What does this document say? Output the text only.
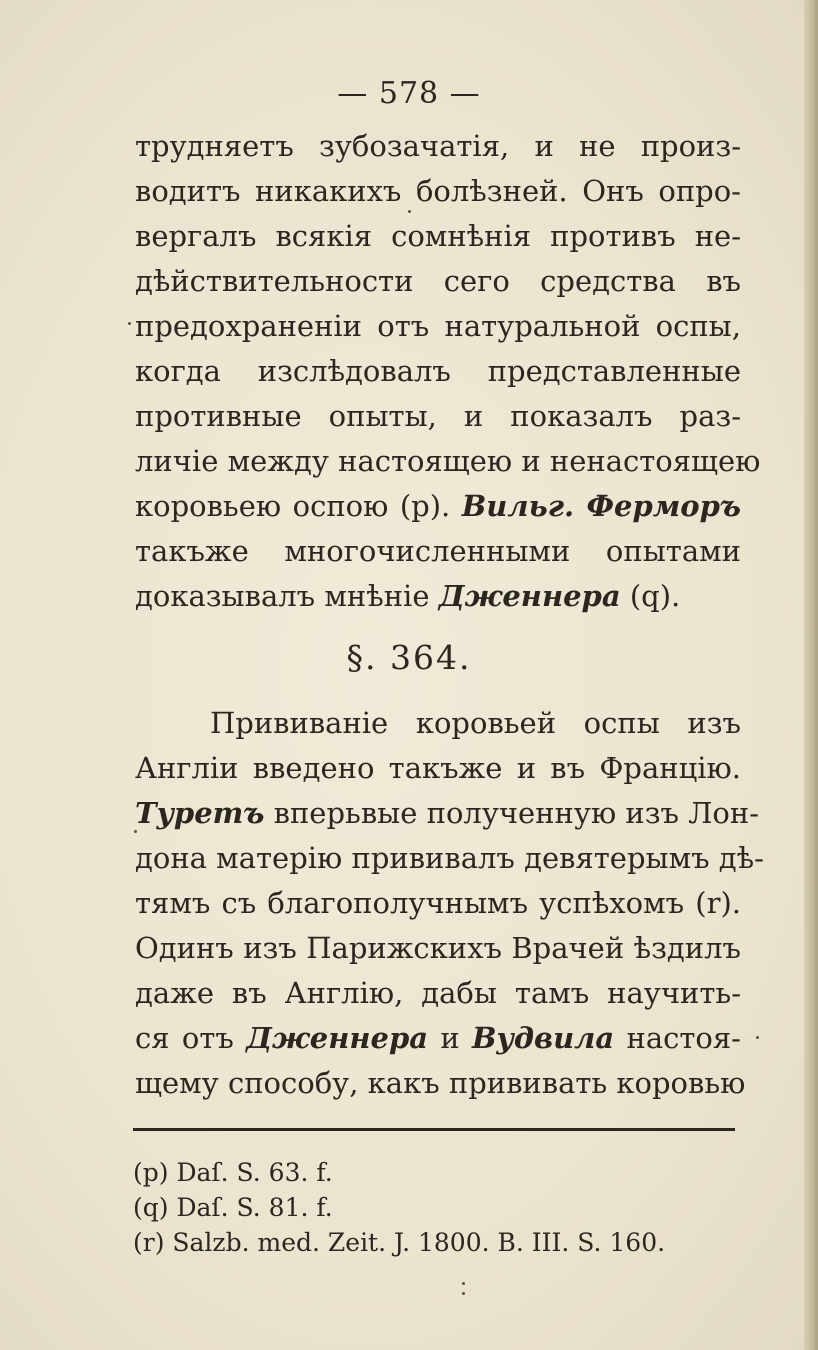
— 578 —
трудняетъ зубозачатія, и не произ-
водитъ никакихъ болѣзней. Онъ опро-
вергалъ всякія сомнѣнія противъ не-
дѣйствительности сего средства въ
предохраненіи отъ натуральной оспы,
когда изслѣдовалъ представленные
противные опыты, и показалъ раз-
личіе между настоящею и ненастоящею
коровьею оспою (p). Вильг. Ферморъ
такъже многочисленными опытами
доказывалъ мнѣніе Дженнера (q).
§. 364.
Прививаніе коровьей оспы изъ
Англіи введено такъже и въ Францію.
Туретъ вперьвые полученную изъ Лон-
дона матерію прививалъ девятерымъ дѣ-
тямъ съ благополучнымъ успѣхомъ (r).
Одинъ изъ Парижскихъ Врачей ѣздилъ
даже въ Англію, дабы тамъ научить-
ся отъ Дженнера и Вудвила настоя-
щему способу, какъ прививать коровью
(p) Daſ. S. 63. f.
(q) Daſ. S. 81. f.
(r) Salzb. med. Zeit. J. 1800. B. III. S. 160.
